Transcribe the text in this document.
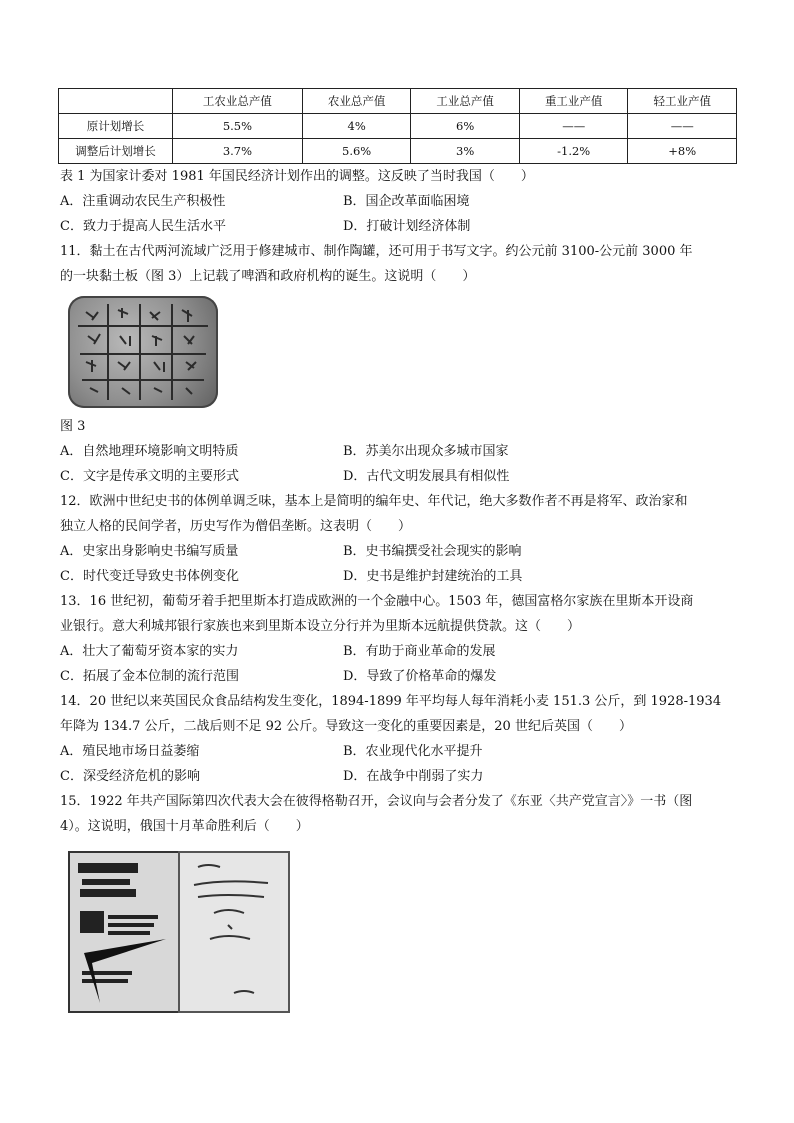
	工农业总产值	农业总产值	工业总产值	重工业产值	轻工业产值
原计划增长	5.5%	4%	6%	——	——
调整后计划增长	3.7%	5.6%	3%	-1.2%	+8%
表 1 为国家计委对 1981 年国民经济计划作出的调整。这反映了当时我国（　　）
A．注重调动农民生产积极性	B．国企改革面临困境
C．致力于提高人民生活水平	D．打破计划经济体制
11．黏土在古代两河流域广泛用于修建城市、制作陶罐，还可用于书写文字。约公元前 3100-公元前 3000 年
的一块黏土板（图 3）上记载了啤酒和政府机构的诞生。这说明（　　）
图 3
A．自然地理环境影响文明特质	B．苏美尔出现众多城市国家
C．文字是传承文明的主要形式	D．古代文明发展具有相似性
12．欧洲中世纪史书的体例单调乏味，基本上是简明的编年史、年代记，绝大多数作者不再是将军、政治家和
独立人格的民间学者，历史写作为僧侣垄断。这表明（　　）
A．史家出身影响史书编写质量	B．史书编撰受社会现实的影响
C．时代变迁导致史书体例变化	D．史书是维护封建统治的工具
13．16 世纪初，葡萄牙着手把里斯本打造成欧洲的一个金融中心。1503 年，德国富格尔家族在里斯本开设商
业银行。意大利城邦银行家族也来到里斯本设立分行并为里斯本远航提供贷款。这（　　）
A．壮大了葡萄牙资本家的实力	B．有助于商业革命的发展
C．拓展了金本位制的流行范围	D．导致了价格革命的爆发
14．20 世纪以来英国民众食品结构发生变化，1894-1899 年平均每人每年消耗小麦 151.3 公斤，到 1928-1934
年降为 134.7 公斤，二战后则不足 92 公斤。导致这一变化的重要因素是，20 世纪后英国（　　）
A．殖民地市场日益萎缩	B．农业现代化水平提升
C．深受经济危机的影响	D．在战争中削弱了实力
15．1922 年共产国际第四次代表大会在彼得格勒召开，会议向与会者分发了《东亚〈共产党宣言〉》一书（图
4）。这说明，俄国十月革命胜利后（　　）
